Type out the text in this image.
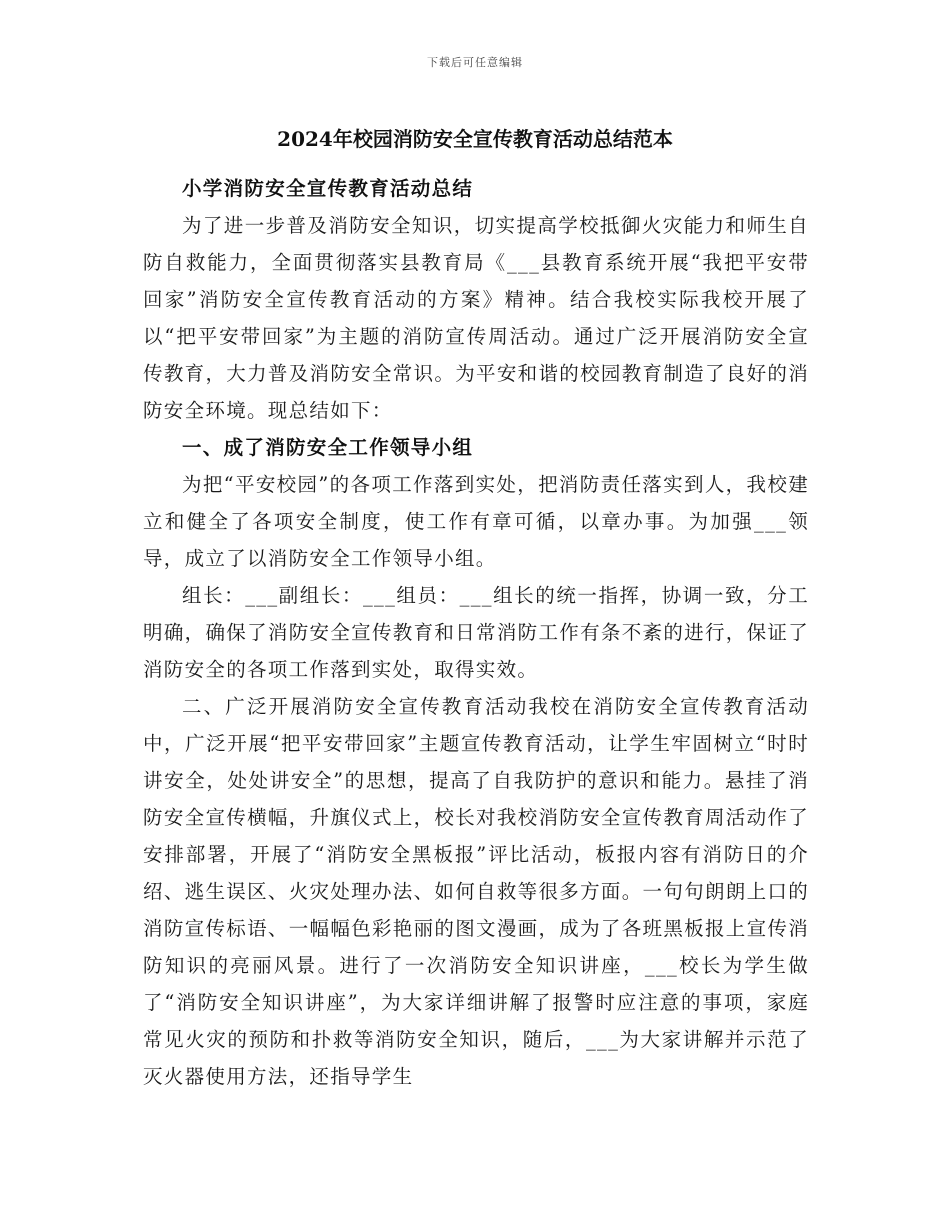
下载后可任意编辑
2024年校园消防安全宣传教育活动总结范本

小学消防安全宣传教育活动总结

为了进一步普及消防安全知识，切实提高学校抵御火灾能力和师生自防自救能力，全面贯彻落实县教育局《___县教育系统开展“我把平安带回家”消防安全宣传教育活动的方案》精神。结合我校实际我校开展了以“把平安带回家”为主题的消防宣传周活动。通过广泛开展消防安全宣传教育，大力普及消防安全常识。为平安和谐的校园教育制造了良好的消防安全环境。现总结如下：

一、成了消防安全工作领导小组

为把“平安校园”的各项工作落到实处，把消防责任落实到人，我校建立和健全了各项安全制度，使工作有章可循，以章办事。为加强___领导，成立了以消防安全工作领导小组。

组长：___副组长：___组员：___组长的统一指挥，协调一致，分工明确，确保了消防安全宣传教育和日常消防工作有条不紊的进行，保证了消防安全的各项工作落到实处，取得实效。

二、广泛开展消防安全宣传教育活动我校在消防安全宣传教育活动中，广泛开展“把平安带回家”主题宣传教育活动，让学生牢固树立“时时讲安全，处处讲安全”的思想，提高了自我防护的意识和能力。悬挂了消防安全宣传横幅，升旗仪式上，校长对我校消防安全宣传教育周活动作了安排部署，开展了“消防安全黑板报”评比活动，板报内容有消防日的介绍、逃生误区、火灾处理办法、如何自救等很多方面。一句句朗朗上口的消防宣传标语、一幅幅色彩艳丽的图文漫画，成为了各班黑板报上宣传消防知识的亮丽风景。进行了一次消防安全知识讲座，___校长为学生做了“消防安全知识讲座”，为大家详细讲解了报警时应注意的事项，家庭常见火灾的预防和扑救等消防安全知识，随后，___为大家讲解并示范了灭火器使用方法，还指导学生
